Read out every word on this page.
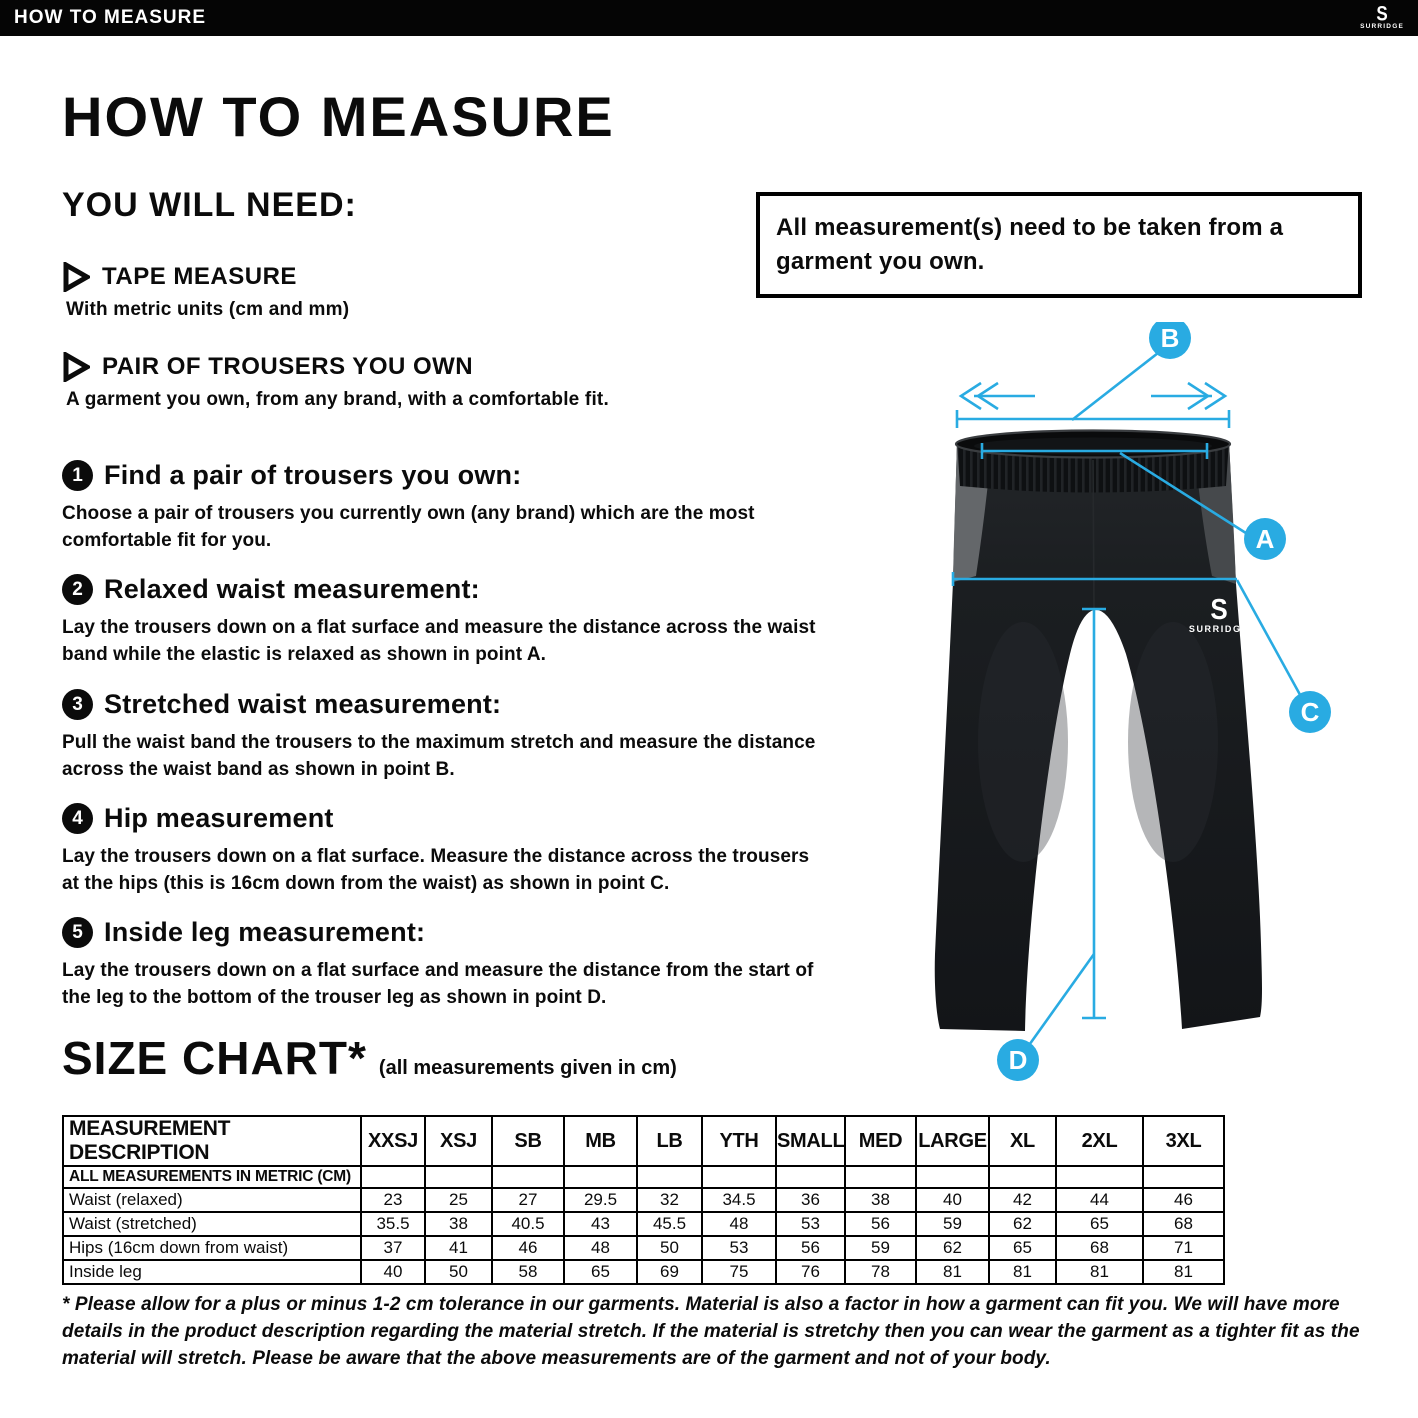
HOW TO MEASURE	S
SURRIDGE
HOW TO MEASURE
YOU WILL NEED:
TAPE MEASURE
With metric units (cm and mm)
PAIR OF TROUSERS YOU OWN
A garment you own, from any brand, with a comfortable fit.
All measurement(s) need to be taken from a garment you own.
1 Find a pair of trousers you own:
Choose a pair of trousers you currently own (any brand) which are the most comfortable fit for you.
2 Relaxed waist measurement:
Lay the trousers down on a flat surface and measure the distance across the waist band while the elastic is relaxed as shown in point A.
3 Stretched waist measurement:
Pull the waist band the trousers to the maximum stretch and measure the distance across the waist band as shown in point B.
4 Hip measurement
Lay the trousers down on a flat surface. Measure the distance across the trousers at the hips (this is 16cm down from the waist) as shown in point C.
5 Inside leg measurement:
Lay the trousers down on a flat surface and measure the distance from the start of the leg to the bottom of the trouser leg as shown in point D.
SIZE CHART* (all measurements given in cm)
MEASUREMENT DESCRIPTION	XXSJ	XSJ	SB	MB	LB	YTH	SMALL	MED	LARGE	XL	2XL	3XL
ALL MEASUREMENTS IN METRIC (CM)												
Waist (relaxed)	23	25	27	29.5	32	34.5	36	38	40	42	44	46
Waist (stretched)	35.5	38	40.5	43	45.5	48	53	56	59	62	65	68
Hips (16cm down from waist)	37	41	46	48	50	53	56	59	62	65	68	71
Inside leg	40	50	58	65	69	75	76	78	81	81	81	81

* Please allow for a plus or minus 1-2 cm tolerance in our garments. Material is also a factor in how a garment can fit you. We will have more details in the product description regarding the material stretch. If the material is stretchy then you can wear the garment as a tighter fit as the material will stretch. Please be aware that the above measurements are of the garment and not of your body.

S
SURRIDGE
A
B
C
D
